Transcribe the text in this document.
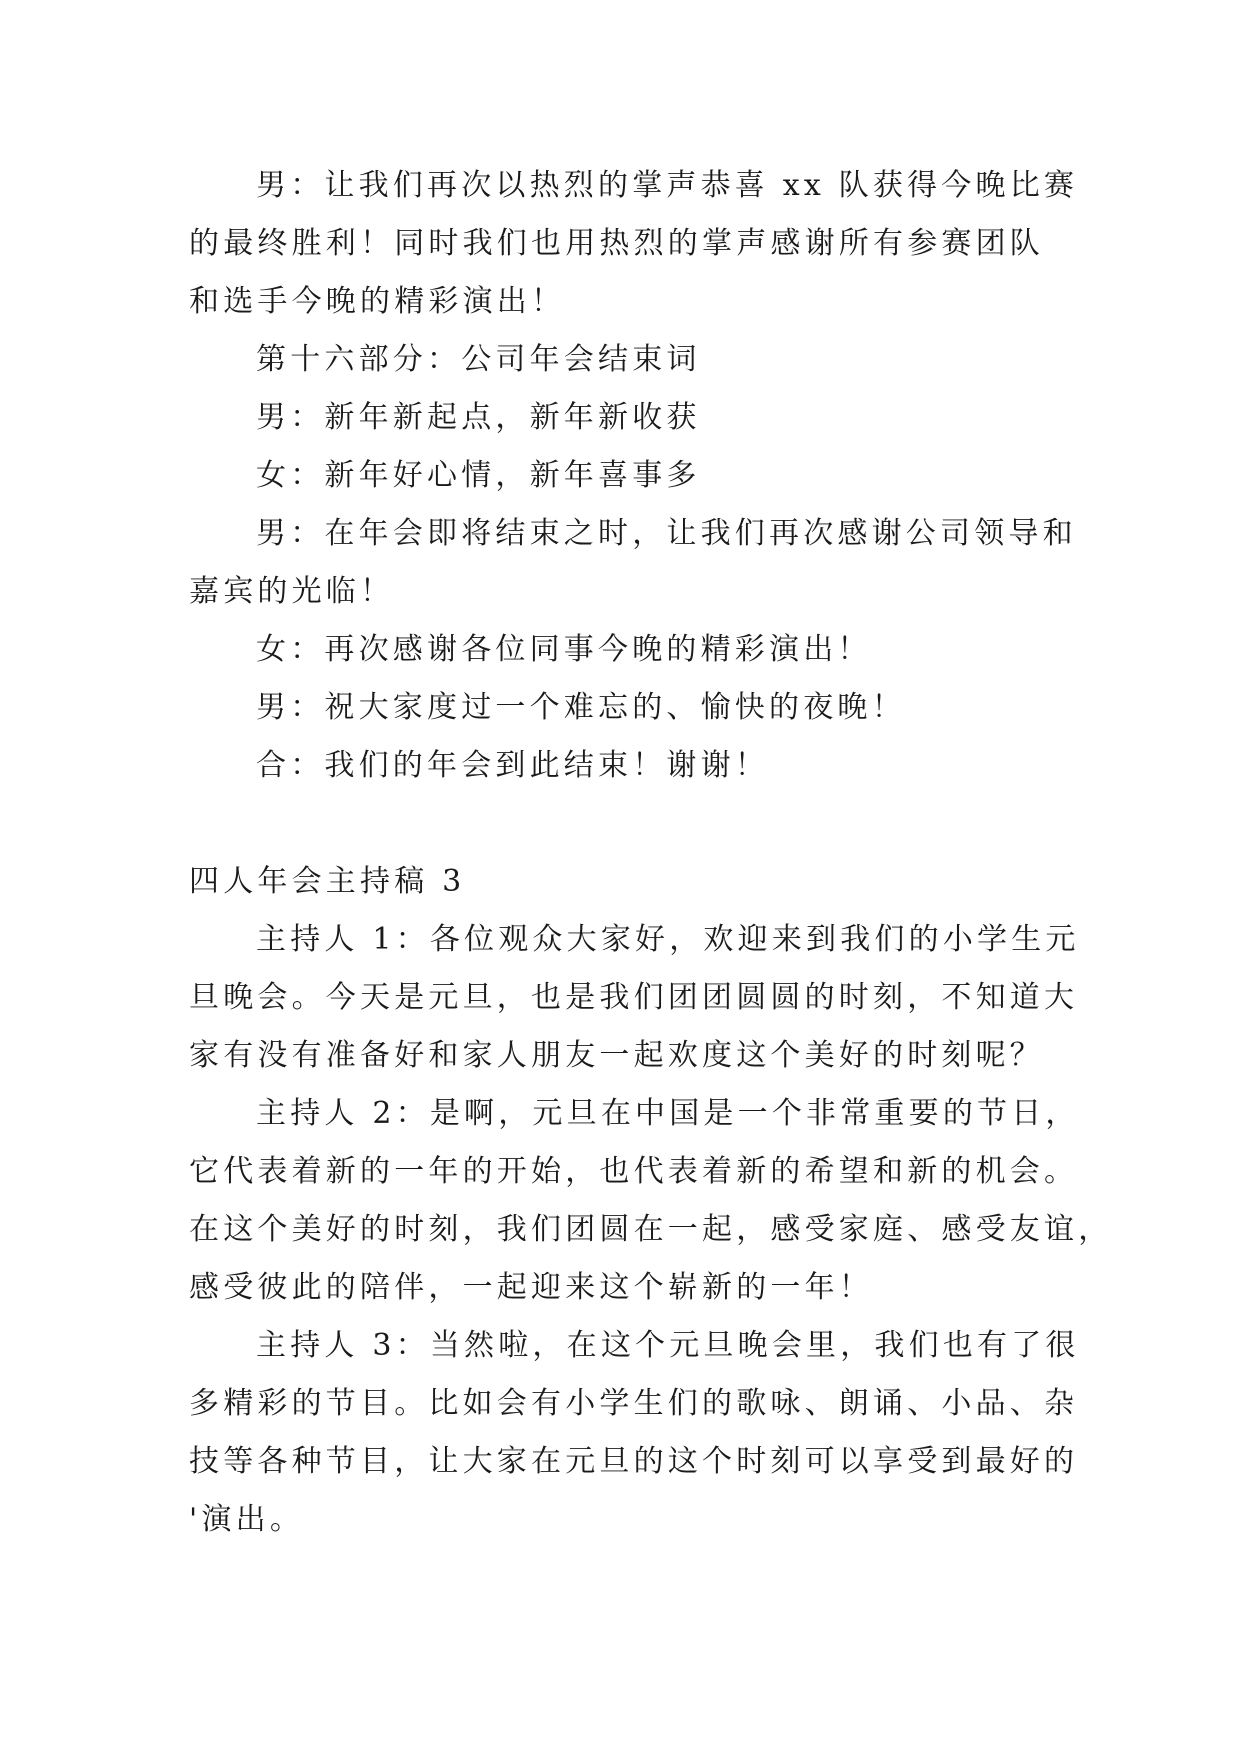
男：让我们再次以热烈的掌声恭喜 xx 队获得今晚比赛
的最终胜利！同时我们也用热烈的掌声感谢所有参赛团队
和选手今晚的精彩演出！
第十六部分：公司年会结束词
男：新年新起点，新年新收获
女：新年好心情，新年喜事多
男：在年会即将结束之时，让我们再次感谢公司领导和
嘉宾的光临！
女：再次感谢各位同事今晚的精彩演出！
男：祝大家度过一个难忘的、愉快的夜晚！
合：我们的年会到此结束！谢谢！
四人年会主持稿 3
主持人 1：各位观众大家好，欢迎来到我们的小学生元
旦晚会。今天是元旦，也是我们团团圆圆的时刻，不知道大
家有没有准备好和家人朋友一起欢度这个美好的时刻呢？
主持人 2：是啊，元旦在中国是一个非常重要的节日，
它代表着新的一年的开始，也代表着新的希望和新的机会。
在这个美好的时刻，我们团圆在一起，感受家庭、感受友谊，
感受彼此的陪伴，一起迎来这个崭新的一年！
主持人 3：当然啦，在这个元旦晚会里，我们也有了很
多精彩的节目。比如会有小学生们的歌咏、朗诵、小品、杂
技等各种节目，让大家在元旦的这个时刻可以享受到最好的
'演出。
